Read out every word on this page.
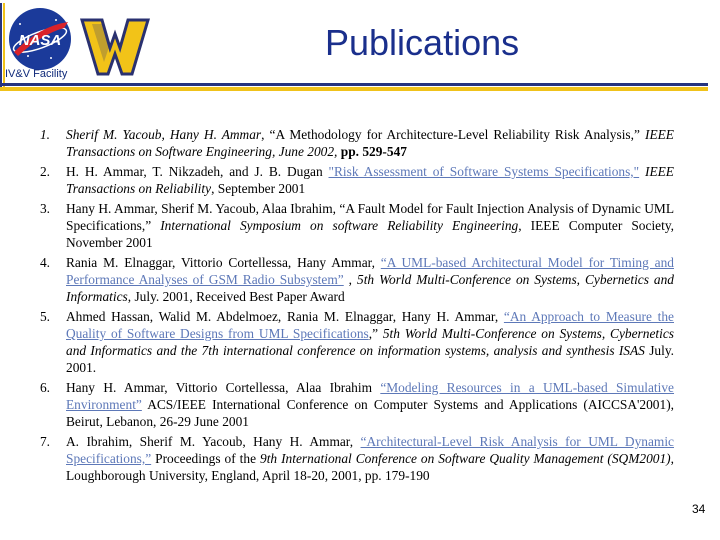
NASA
IV&V Facility
Publications
1. Sherif M. Yacoub, Hany H. Ammar, “A Methodology for Architecture-Level Reliability Risk Analysis,” IEEE Transactions on Software Engineering, June 2002, pp. 529-547
2. H. H. Ammar, T. Nikzadeh, and J. B. Dugan "Risk Assessment of Software Systems Specifications," IEEE Transactions on Reliability, September 2001
3. Hany H. Ammar, Sherif M. Yacoub, Alaa Ibrahim, “A Fault Model for Fault Injection Analysis of Dynamic UML Specifications,” International Symposium on software Reliability Engineering, IEEE Computer Society, November 2001
4. Rania M. Elnaggar, Vittorio Cortellessa, Hany Ammar, “A UML-based Architectural Model for Timing and Performance Analyses of GSM Radio Subsystem” , 5th World Multi-Conference on Systems, Cybernetics and Informatics, July. 2001, Received Best Paper Award
5. Ahmed Hassan, Walid M. Abdelmoez, Rania M. Elnaggar, Hany H. Ammar, “An Approach to Measure the Quality of Software Designs from UML Specifications,” 5th World Multi-Conference on Systems, Cybernetics and Informatics and the 7th international conference on information systems, analysis and synthesis ISAS July. 2001.
6. Hany H. Ammar, Vittorio Cortellessa, Alaa Ibrahim “Modeling Resources in a UML-based Simulative Environment” ACS/IEEE International Conference on Computer Systems and Applications (AICCSA'2001), Beirut, Lebanon, 26-29 June 2001
7. A. Ibrahim, Sherif M. Yacoub, Hany H. Ammar, “Architectural-Level Risk Analysis for UML Dynamic Specifications,” Proceedings of the 9th International Conference on Software Quality Management (SQM2001), Loughborough University, England, April 18-20, 2001, pp. 179-190
34
